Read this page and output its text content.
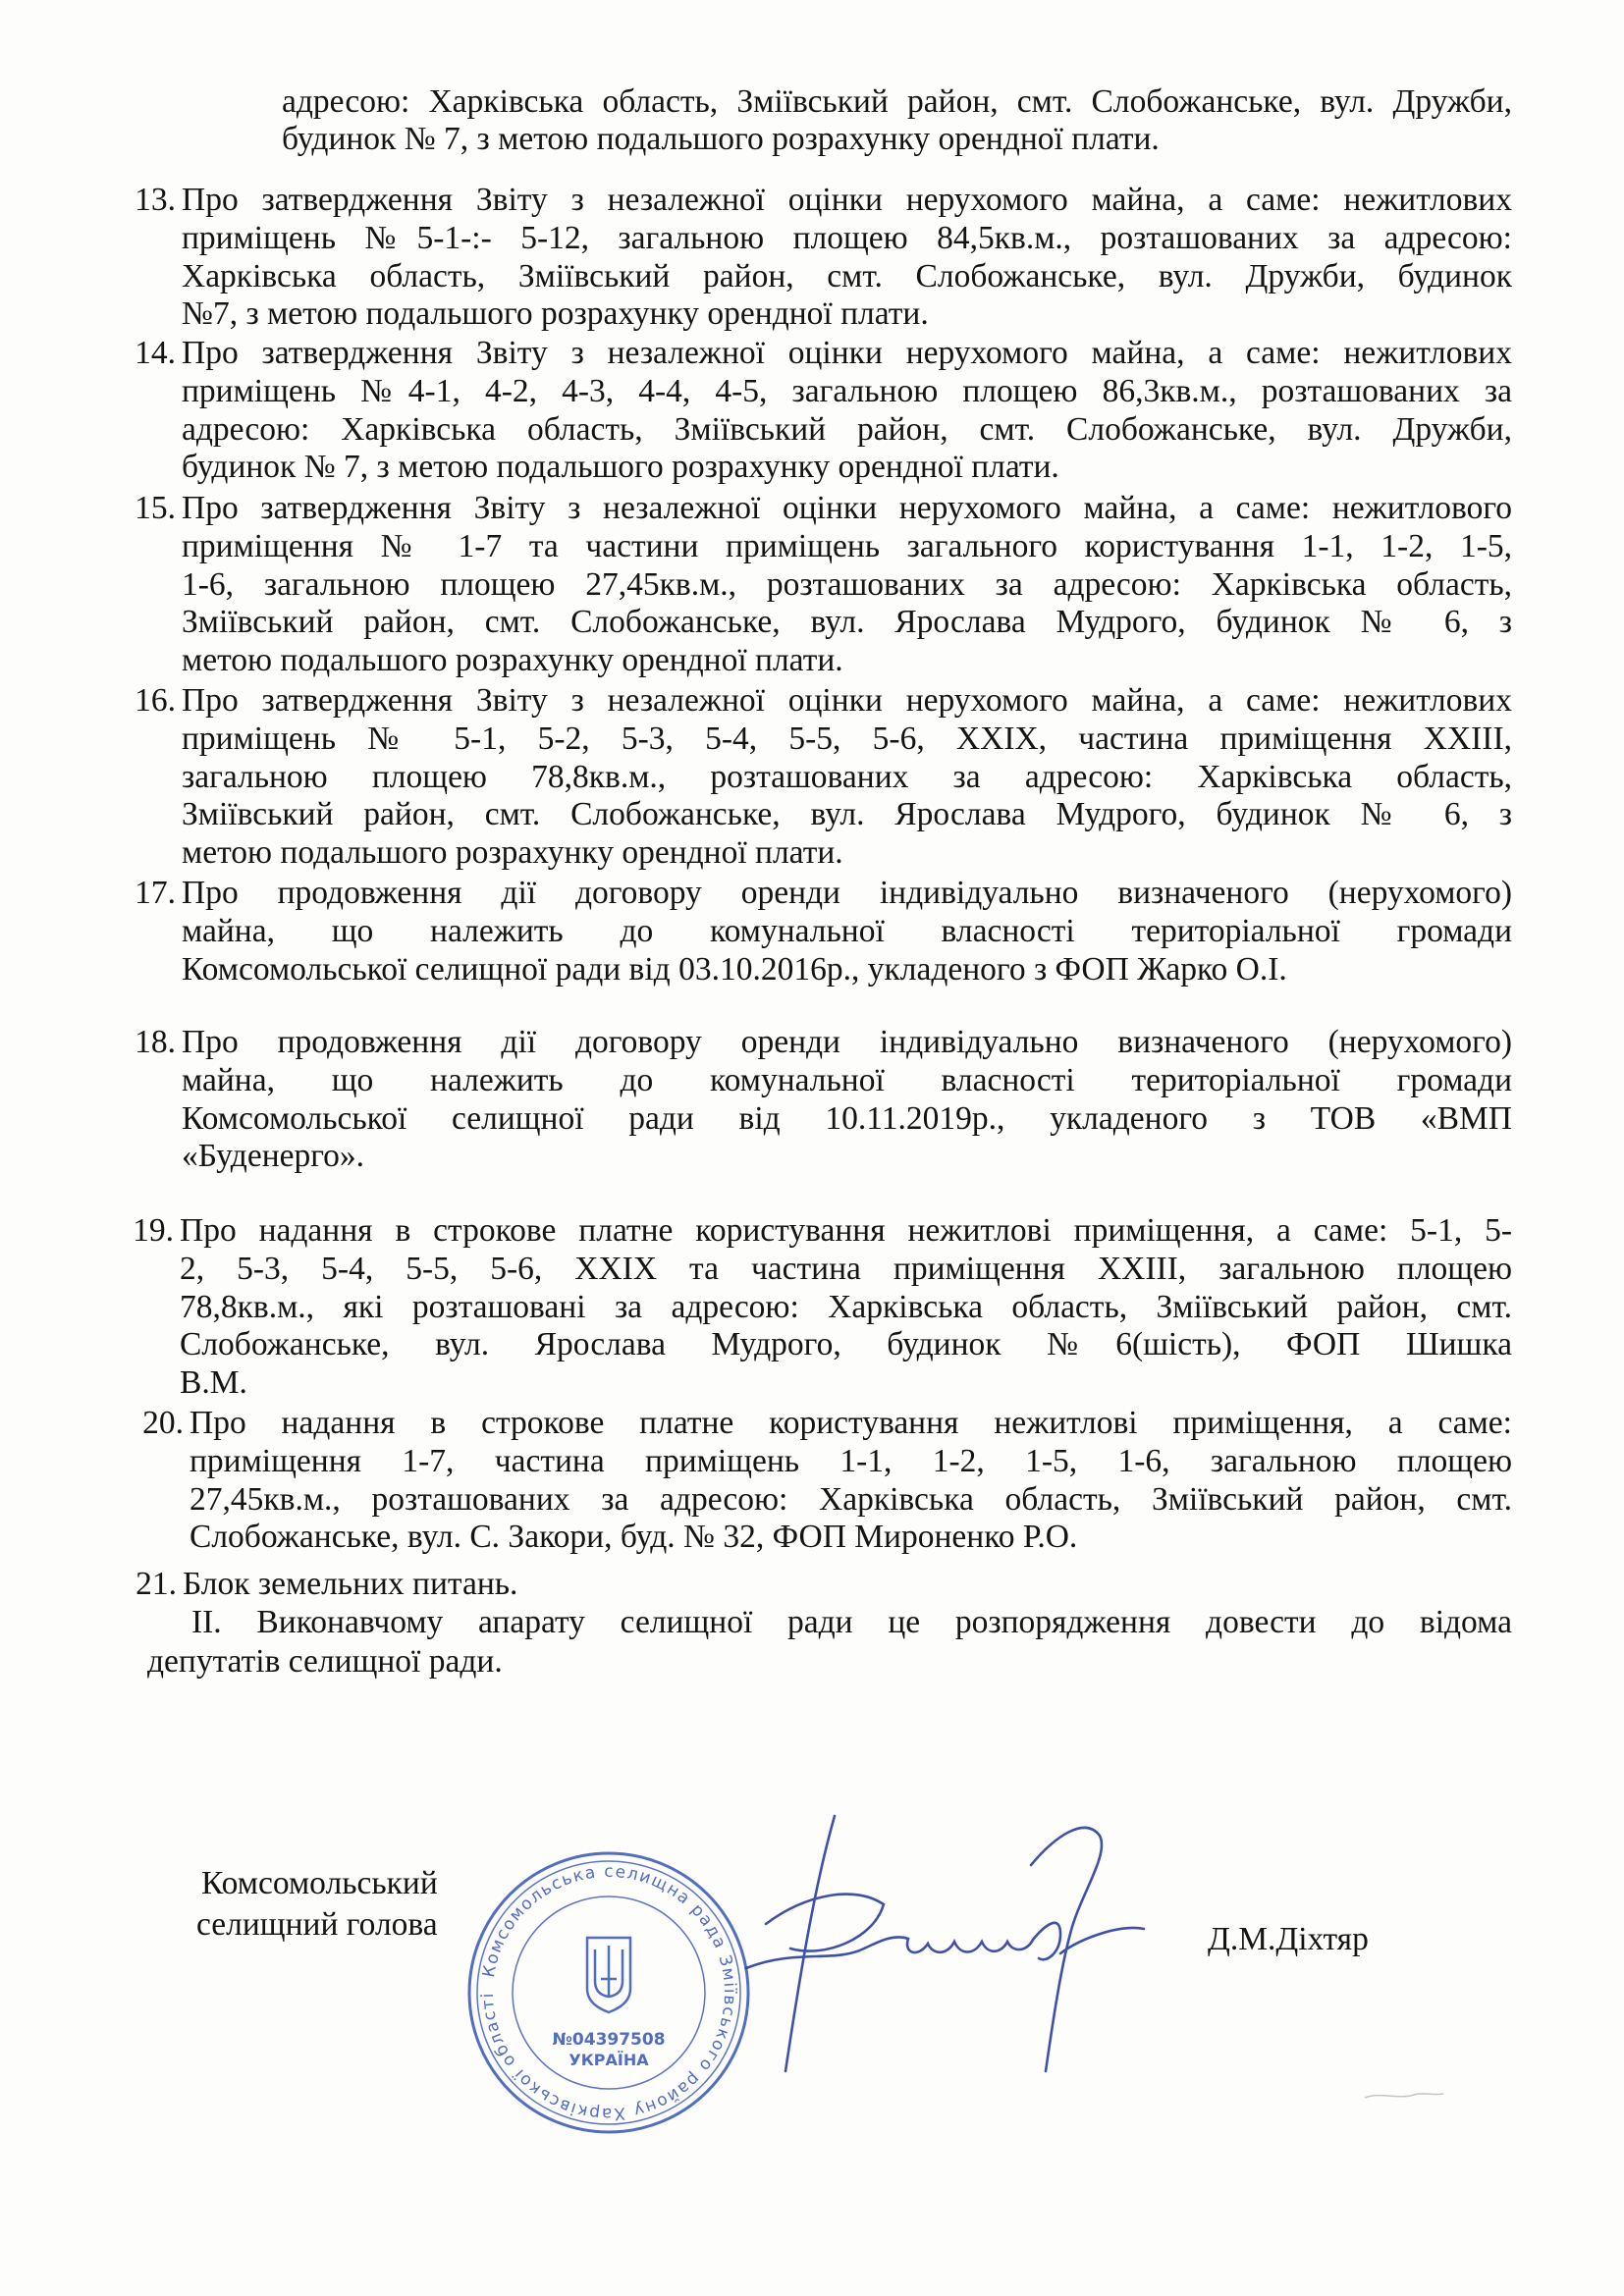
адресою: Харківська область, Зміївський район, смт. Слобожанське, вул. Дружби,
будинок № 7, з метою подальшого розрахунку орендної плати.
13. Про затвердження Звіту з незалежної оцінки нерухомого майна, а саме: нежитлових
приміщень №5-1-:- 5-12, загальною площею 84,5кв.м., розташованих за адресою:
Харківська область, Зміївський район, смт. Слобожанське, вул. Дружби, будинок
№7, з метою подальшого розрахунку орендної плати.
14. Про затвердження Звіту з незалежної оцінки нерухомого майна, а саме: нежитлових
приміщень №4-1, 4-2, 4-3, 4-4, 4-5, загальною площею 86,3кв.м., розташованих за
адресою: Харківська область, Зміївський район, смт. Слобожанське, вул. Дружби,
будинок № 7, з метою подальшого розрахунку орендної плати.
15. Про затвердження Звіту з незалежної оцінки нерухомого майна, а саме: нежитлового
приміщення № 1-7 та частини приміщень загального користування 1-1, 1-2, 1-5,
1-6, загальною площею 27,45кв.м., розташованих за адресою: Харківська область,
Зміївський район, смт. Слобожанське, вул. Ярослава Мудрого, будинок № 6, з
метою подальшого розрахунку орендної плати.
16. Про затвердження Звіту з незалежної оцінки нерухомого майна, а саме: нежитлових
приміщень № 5-1, 5-2, 5-3, 5-4, 5-5, 5-6, XXIX, частина приміщення XXIII,
загальною площею 78,8кв.м., розташованих за адресою: Харківська область,
Зміївський район, смт. Слобожанське, вул. Ярослава Мудрого, будинок № 6, з
метою подальшого розрахунку орендної плати.
17. Про продовження дії договору оренди індивідуально визначеного (нерухомого)
майна, що належить до комунальної власності територіальної громади
Комсомольської селищної ради від 03.10.2016р., укладеного з ФОП Жарко О.І.
18. Про продовження дії договору оренди індивідуально визначеного (нерухомого)
майна, що належить до комунальної власності територіальної громади
Комсомольської селищної ради від 10.11.2019р., укладеного з ТОВ «ВМП
«Буденерго».
19. Про надання в строкове платне користування нежитлові приміщення, а саме: 5-1, 5-
2, 5-3, 5-4, 5-5, 5-6, XXIX та частина приміщення XXIII, загальною площею
78,8кв.м., які розташовані за адресою: Харківська область, Зміївський район, смт.
Слобожанське, вул. Ярослава Мудрого, будинок №6(шість), ФОП Шишка
В.М.
20. Про надання в строкове платне користування нежитлові приміщення, а саме:
приміщення 1-7, частина приміщень 1-1, 1-2, 1-5, 1-6, загальною площею
27,45кв.м., розташованих за адресою: Харківська область, Зміївський район, смт.
Слобожанське, вул. С. Закори, буд. № 32, ФОП Мироненко Р.О.
21. Блок земельних питань.
II. Виконавчому апарату селищної ради це розпорядження довести до відома
депутатів селищної ради.
Комсомольський
селищний голова	Д.М.Діхтяр
Комсомольська селищна рада Зміївського району Харківської області
№04397508
УКРАЇНА
